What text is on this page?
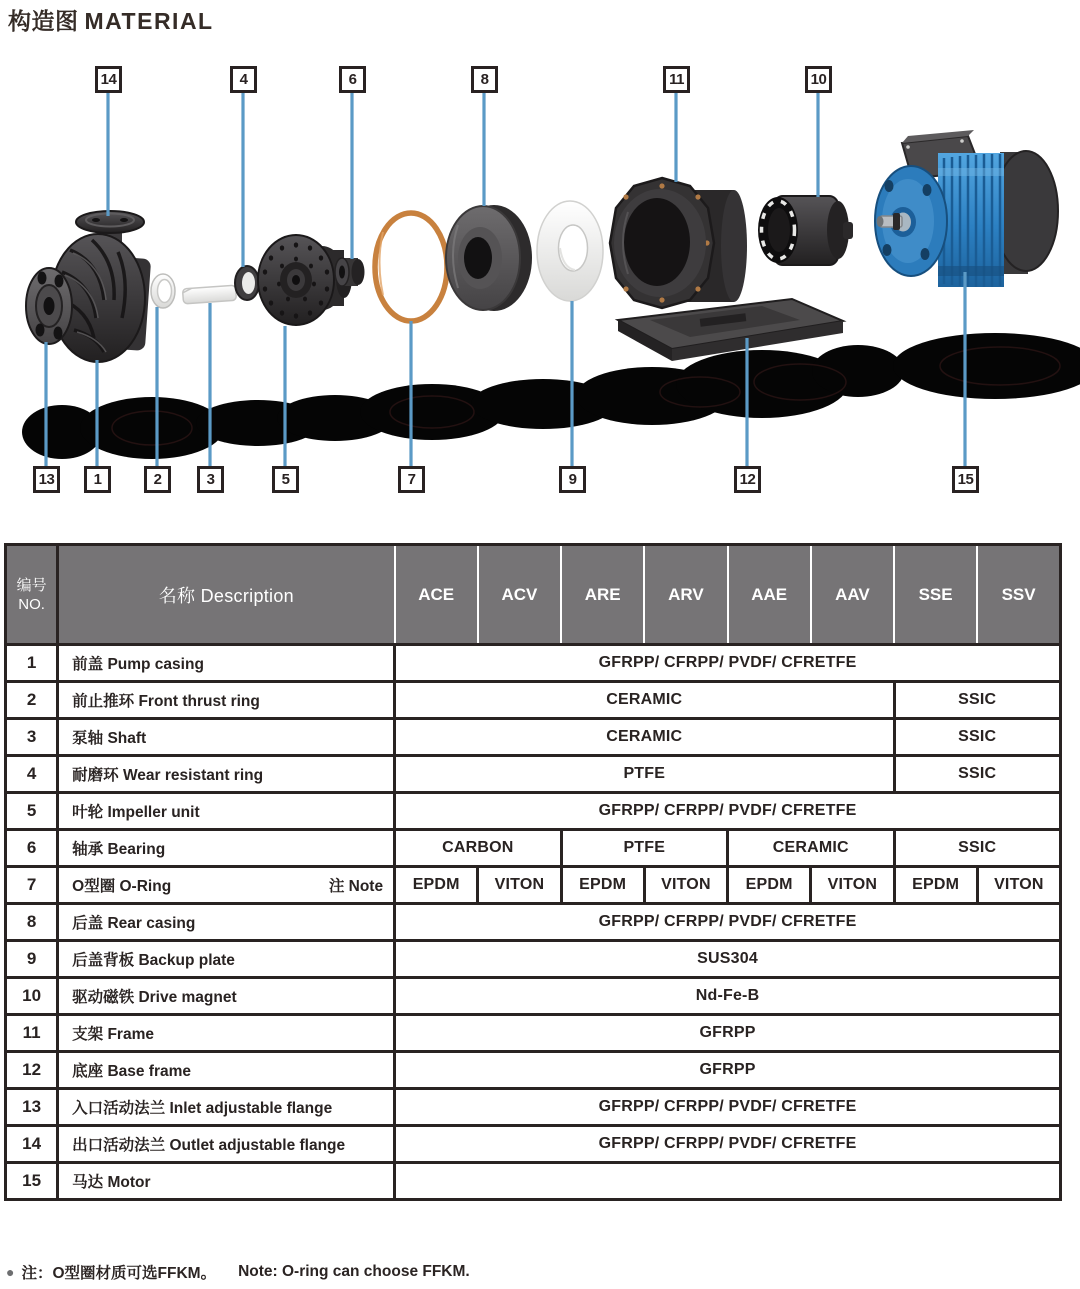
构造图 MATERIAL
14	4	6	8	11	10
13	1	2	3	5	7	9	12	15
编号
NO.	名称 Description	ACE	ACV	ARE	ARV	AAE	AAV	SSE	SSV
1	前盖 Pump casing	GFRPP/ CFRPP/ PVDF/ CFRETFE							
2	前止推环 Front thrust ring	CERAMIC						SSIC	
3	泵轴 Shaft	CERAMIC						SSIC	
4	耐磨环 Wear resistant ring	PTFE						SSIC	
5	叶轮 Impeller unit	GFRPP/ CFRPP/ PVDF/ CFRETFE							
6	轴承 Bearing	CARBON		PTFE		CERAMIC		SSIC	
7	O型圈 O-Ring 注 Note	EPDM	VITON	EPDM	VITON	EPDM	VITON	EPDM	VITON
8	后盖 Rear casing	GFRPP/ CFRPP/ PVDF/ CFRETFE							
9	后盖背板 Backup plate	SUS304							
10	驱动磁铁 Drive magnet	Nd-Fe-B							
11	支架 Frame	GFRPP							
12	底座 Base frame	GFRPP							
13	入口活动法兰 Inlet adjustable flange	GFRPP/ CFRPP/ PVDF/ CFRETFE							
14	出口活动法兰 Outlet adjustable flange	GFRPP/ CFRPP/ PVDF/ CFRETFE							
15	马达 Motor								
● 注：O型圈材质可选FFKM。 Note: O-ring can choose FFKM.
